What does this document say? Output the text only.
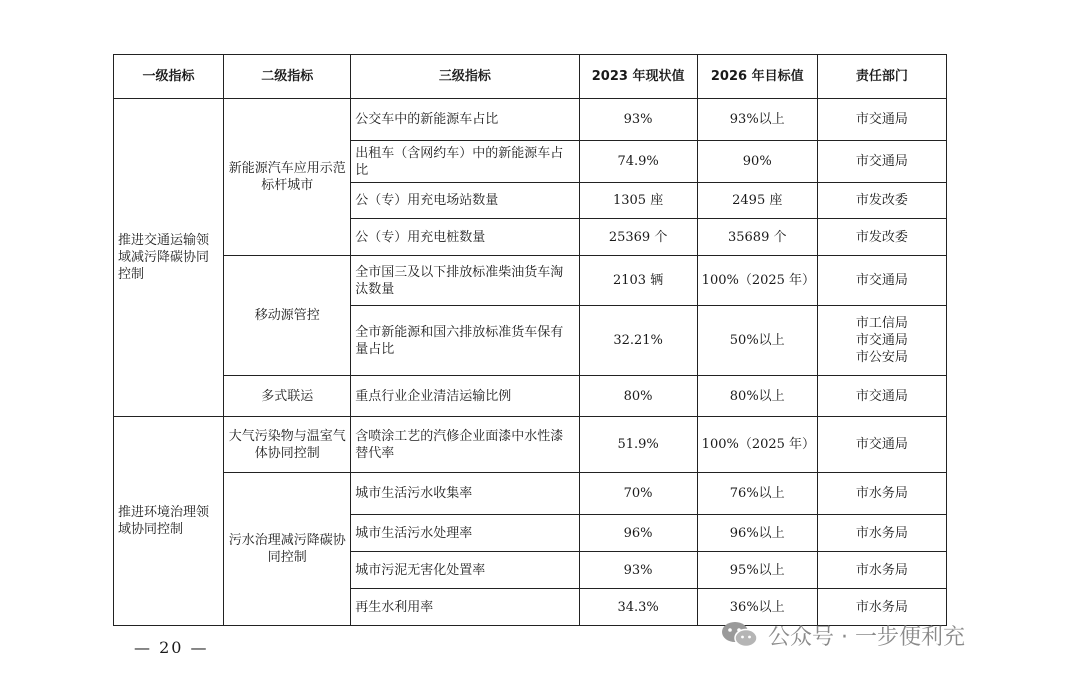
一级指标	二级指标	三级指标	2023 年现状值	2026 年目标值	责任部门
推进交通运输领域减污降碳协同控制	新能源汽车应用示范标杆城市	公交车中的新能源车占比	93%	93%以上	市交通局

		出租车（含网约车）中的新能源车占比	74.9%	90%	市交通局

		公（专）用充电场站数量	1305 座	2495 座	市发改委

		公（专）用充电桩数量	25369 个	35689 个	市发改委

	移动源管控	全市国三及以下排放标准柴油货车淘汰数量	2103 辆	100%（2025 年）	市交通局

		全市新能源和国六排放标准货车保有量占比	32.21%	50%以上	市工信局
市交通局
市公安局

	多式联运	重点行业企业清洁运输比例	80%	80%以上	市交通局

推进环境治理领域协同控制	大气污染物与温室气体协同控制	含喷涂工艺的汽修企业面漆中水性漆替代率	51.9%	100%（2025 年）	市交通局

	污水治理减污降碳协同控制	城市生活污水收集率	70%	76%以上	市水务局

		城市生活污水处理率	96%	96%以上	市水务局

		城市污泥无害化处置率	93%	95%以上	市水务局

		再生水利用率	34.3%	36%以上	市水务局
— 20 —	公众号 · 一步便利充
